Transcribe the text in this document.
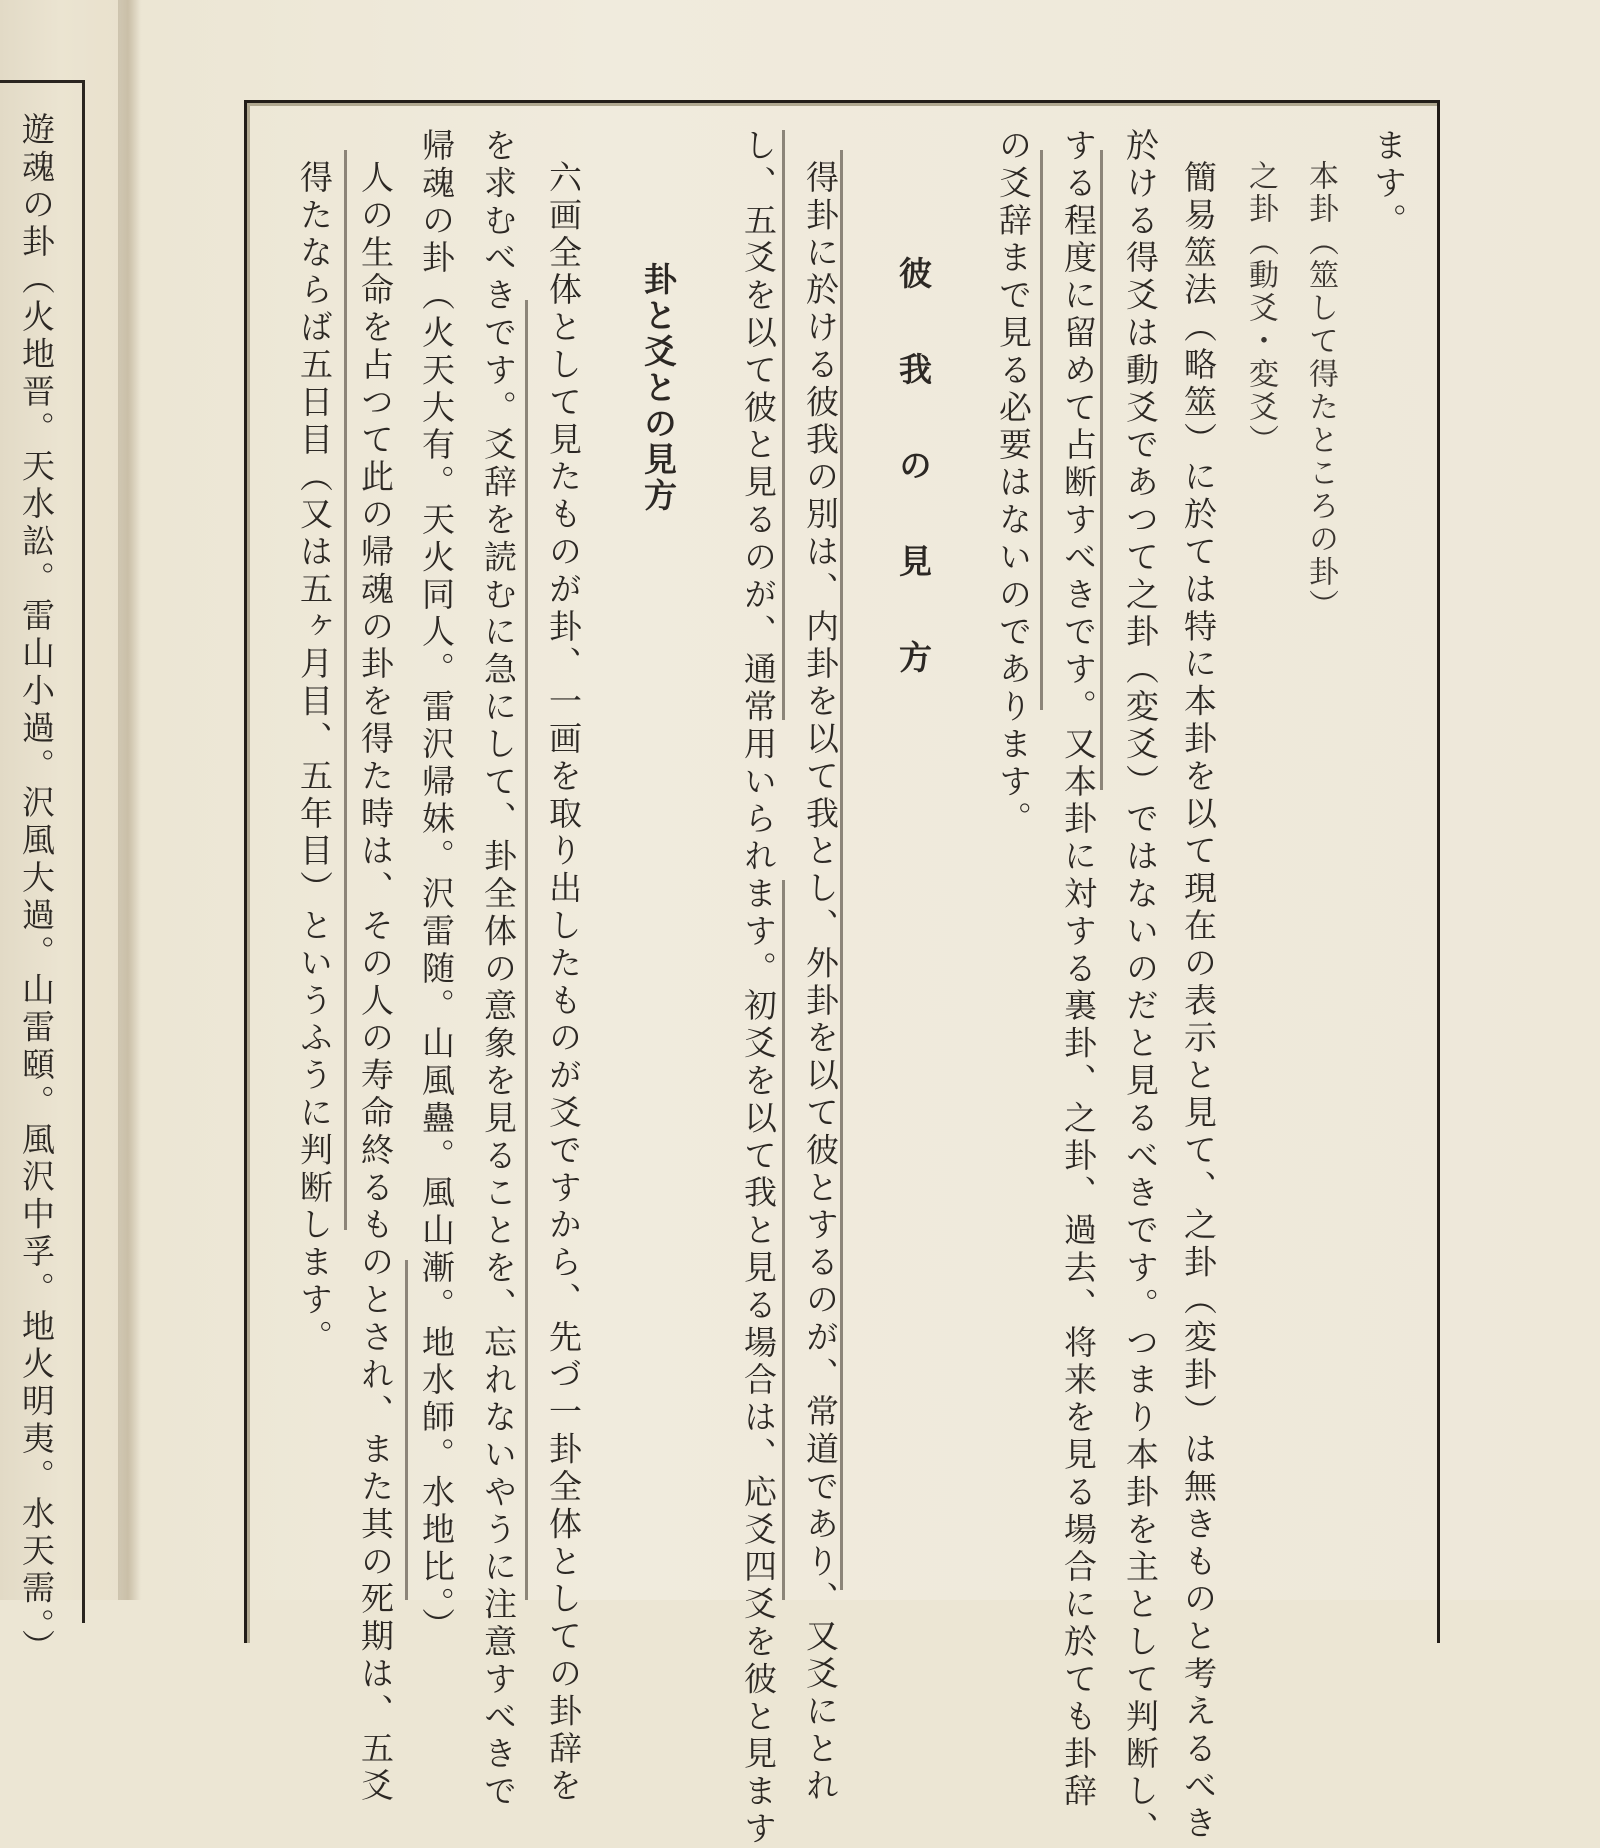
遊魂の卦（火地晋。天水訟。雷山小過。沢風大過。山雷頤。風沢中孚。地火明夷。水天需。）
　　　　　　　　　	ます。
本卦（筮して得たところの卦）
之卦（動爻・変爻）
簡易筮法（略筮）に於ては特に本卦を以て現在の表示と見て、之卦（変卦）は無きものと考えるべき
於ける得爻は動爻であつて之卦（変爻）ではないのだと見るべきです。つまり本卦を主として判断し、
する程度に留めて占断すべきです。又本卦に対する裏卦、之卦、過去、将来を見る場合に於ても卦辞
の爻辞まで見る必要はないのであります。
彼 我 の 見 方
得卦に於ける彼我の別は、内卦を以て我とし、外卦を以て彼とするのが、常道であり、又爻にとれ
し、五爻を以て彼と見るのが、通常用いられます。初爻を以て我と見る場合は、応爻四爻を彼と見ます
卦と爻との見方
六画全体として見たものが卦、一画を取り出したものが爻ですから、先づ一卦全体としての卦辞を
を求むべきです。爻辞を読むに急にして、卦全体の意象を見ることを、忘れないやうに注意すべきで
帰魂の卦（火天大有。天火同人。雷沢帰妹。沢雷随。山風蠱。風山漸。地水師。水地比。）
人の生命を占つて此の帰魂の卦を得た時は、その人の寿命終るものとされ、また其の死期は、五爻
得たならば五日目（又は五ヶ月目、五年目）というふうに判断します。
